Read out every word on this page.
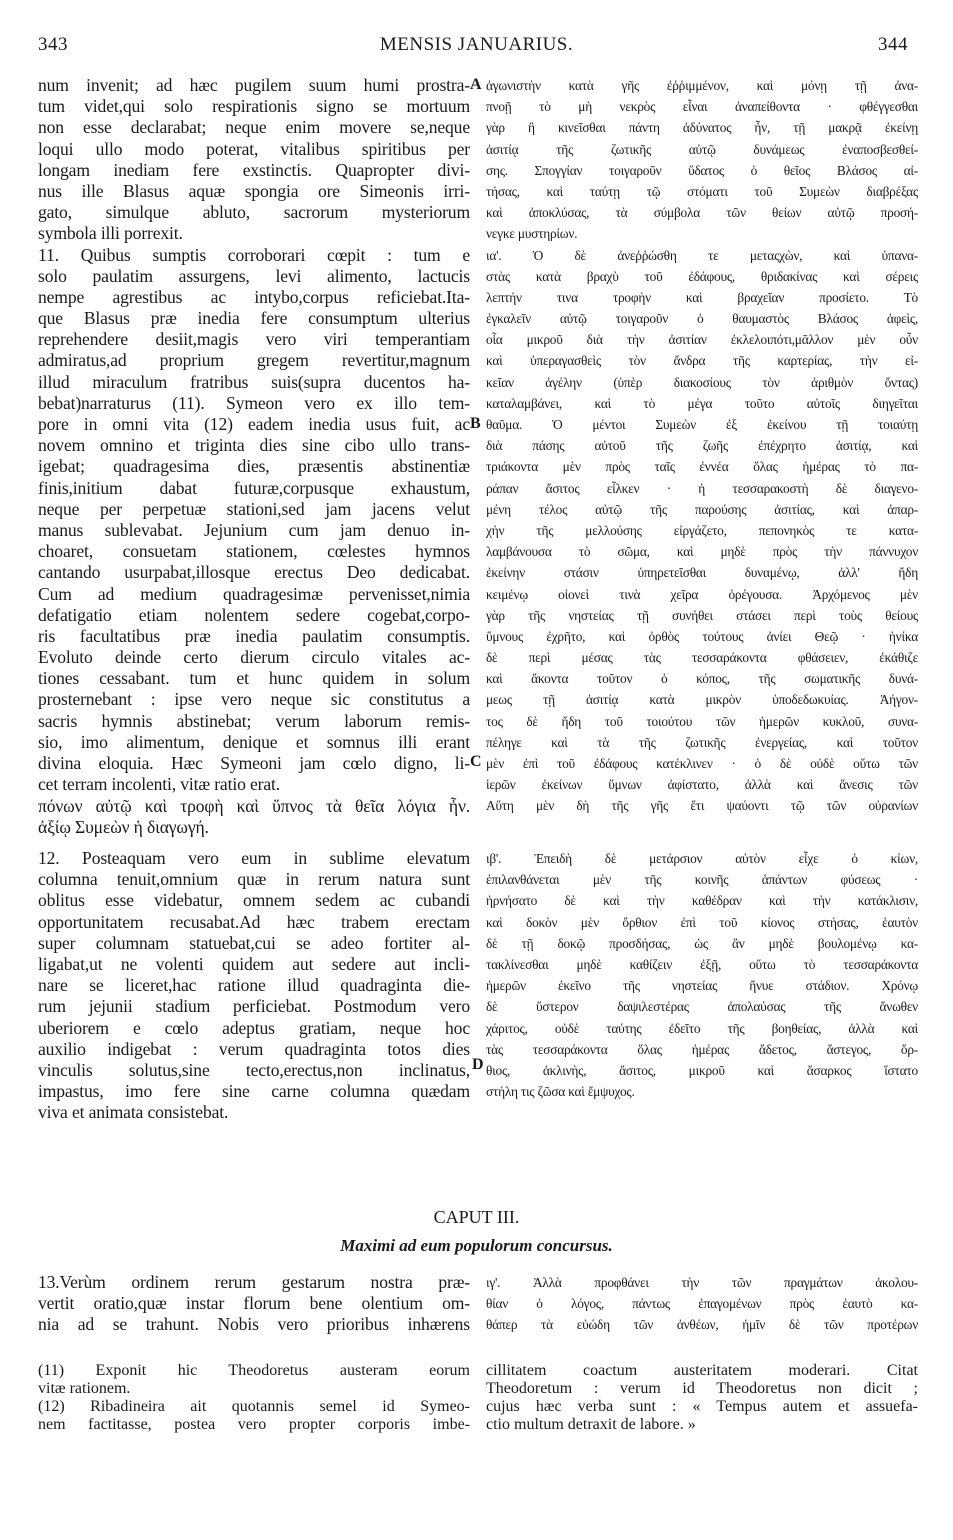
343	MENSIS JANUARIUS.	344
num invenit; ad hæc pugilem suum humi prostra-
tum videt,qui solo respirationis signo se mortuum
non esse declarabat; neque enim movere se,neque
loqui ullo modo poterat, vitalibus spiritibus per
longam inediam fere exstinctis. Quapropter divi-
nus ille Blasus aquæ spongia ore Simeonis irri-
gato, simulque abluto, sacrorum mysteriorum
symbola illi porrexit.
11. Quibus sumptis corroborari cœpit : tum e
solo paulatim assurgens, levi alimento, lactucis
nempe agrestibus ac intybo,corpus reficiebat.Ita-
que Blasus præ inedia fere consumptum ulterius
reprehendere desiit,magis vero viri temperantiam
admiratus,ad proprium gregem revertitur,magnum
illud miraculum fratribus suis(supra ducentos ha-
bebat)narraturus (11). Symeon vero ex illo tem-
pore in omni vita (12) eadem inedia usus fuit, ac
novem omnino et triginta dies sine cibo ullo trans-
igebat; quadragesima dies, præsentis abstinentiæ
finis,initium dabat futuræ,corpusque exhaustum,
neque per perpetuæ stationi,sed jam jacens velut
manus sublevabat. Jejunium cum jam denuo in-
choaret, consuetam stationem, cœlestes hymnos
cantando usurpabat,illosque erectus Deo dedicabat.
Cum ad medium quadragesimæ pervenisset,nimia
defatigatio etiam nolentem sedere cogebat,corpo-
ris facultatibus præ inedia paulatim consumptis.
Evoluto deinde certo dierum circulo vitales ac-
tiones cessabant. tum et hunc quidem in solum
prosternebant : ipse vero neque sic constitutus a
sacris hymnis abstinebat; verum laborum remis-
sio, imo alimentum, denique et somnus illi erant
divina eloquia. Hæc Symeoni jam cœlo digno, li-
cet terram incolenti, vitæ ratio erat.
πόνων αὐτῷ καὶ τροφὴ καὶ ὕπνος τὰ θεῖα λόγια ἦν.
ἀξίῳ Συμεὼν ἡ διαγωγή.
ἀγωνιστὴν κατὰ γῆς ἐῤῥιμμένον, καὶ μόνῃ τῇ ἀνα-
πνοῇ τὸ μὴ νεκρὸς εἶναι ἀναπείθοντα · φθέγγεσθαι
γὰρ ἢ κινεῖσθαι πάντη ἀδύνατος ἦν, τῇ μακρᾷ ἐκείνῃ
ἀσιτίᾳ τῆς ζωτικῆς αὐτῷ δυνάμεως ἐναποσβεσθεί-
σης. Σπογγίαν τοιγαροῦν ὕδατος ὁ θεῖος Βλάσος αἰ-
τήσας, καὶ ταύτῃ τῷ στόματι τοῦ Συμεὼν διαβρέξας
καὶ ἀποκλύσας, τὰ σύμβολα τῶν θείων αὐτῷ προσή-
νεγκε μυστηρίων.
ια'. Ὁ δὲ ἀνεῤῥώσθη τε μεταςχὼν, καὶ ὑπανα-
στὰς κατὰ βραχὺ τοῦ ἐδάφους, θριδακίνας καὶ σέρεις
λεπτήν τινα τροφὴν καὶ βραχεῖαν προσίετο. Τὸ
ἐγκαλεῖν αὐτῷ τοιγαροῦν ὁ θαυμαστὸς Βλάσος ἀφεὶς,
οἷα μικροῦ διὰ τὴν ἀσιτίαν ἐκλελοιπότι,μᾶλλον μὲν οὖν
καὶ ὑπεραγασθεὶς τὸν ἄνδρα τῆς καρτερίας, τὴν εἰ-
κεῖαν ἀγέλην (ὑπὲρ διακοσίους τὸν ἀριθμὸν ὄντας)
καταλαμβάνει, καὶ τὸ μέγα τοῦτο αὐτοῖς διηγεῖται
θαῦμα. Ὁ μέντοι Συμεὼν ἐξ ἐκείνου τῇ τοιαύτῃ
διὰ πάσης αὐτοῦ τῆς ζωῆς ἐπέχρητο ἀσιτίᾳ, καὶ
τριάκοντα μὲν πρὸς ταῖς ἐννέα ὅλας ἡμέρας τὸ πα-
ράπαν ἄσιτος εἶλκεν · ἡ τεσσαρακοστὴ δὲ διαγενο-
μένη τέλος αὐτῷ τῆς παρούσης ἀσιτίας, καὶ ἀπαρ-
χὴν τῆς μελλούσης εἰργάζετο, πεπονηκὸς τε κατα-
λαμβάνουσα τὸ σῶμα, καὶ μηδὲ πρὸς τὴν πάννυχον
ἐκείνην στάσιν ὑπηρετεῖσθαι δυναμένῳ, ἀλλ' ἤδη
κειμένῳ οἱονεὶ τινὰ χεῖρα ὀρέγουσα. Ἀρχόμενος μὲν
γὰρ τῆς νηστείας τῇ συνήθει στάσει περὶ τοὺς θείους
ὕμνους ἐχρῆτο, καὶ ὀρθὸς τούτους ἀνίει Θεῷ · ἡνίκα
δὲ περὶ μέσας τὰς τεσσαράκοντα φθάσειεν, ἐκάθιζε
καὶ ἄκοντα τοῦτον ὁ κόπος, τῆς σωματικῆς δυνά-
μεως τῇ ἀσιτίᾳ κατὰ μικρὸν ὑποδεδωκυίας. Ἀήγον-
τος δὲ ἤδη τοῦ τοιούτου τῶν ἡμερῶν κυκλοῦ, συνα-
πέληγε καὶ τὰ τῆς ζωτικῆς ἐνεργείας, καὶ τοῦτον
μὲν ἐπὶ τοῦ ἐδάφους κατέκλινεν · ὁ δὲ οὐδὲ οὕτω τῶν
ἱερῶν ἐκείνων ὕμνων ἀφίστατο, ἀλλὰ καὶ ἄνεσις τῶν
Αὕτη μὲν δὴ τῆς γῆς ἔτι ψαύοντι τῷ τῶν οὐρανίων
12. Posteaquam vero eum in sublime elevatum
columna tenuit,omnium quæ in rerum natura sunt
oblitus esse videbatur, omnem sedem ac cubandi
opportunitatem recusabat.Ad hæc trabem erectam
super columnam statuebat,cui se adeo fortiter al-
ligabat,ut ne volenti quidem aut sedere aut incli-
nare se liceret,hac ratione illud quadraginta die-
rum jejunii stadium perficiebat. Postmodum vero
uberiorem e cœlo adeptus gratiam, neque hoc
auxilio indigebat : verum quadraginta totos dies
vinculis solutus,sine tecto,erectus,non inclinatus,
impastus, imo fere sine carne columna quædam
viva et animata consistebat.
ιβ'. Ἐπειδὴ δὲ μετάρσιον αὐτὸν εἶχε ὁ κίων,
ἐπιλανθάνεται μὲν τῆς κοινῆς ἁπάντων φύσεως ·
ἠρνήσατο δὲ καὶ τὴν καθέδραν καὶ τὴν κατάκλισιν,
καὶ δοκὸν μὲν ὄρθιον ἐπὶ τοῦ κίονος στήσας, ἑαυτὸν
δὲ τῇ δοκῷ προσδήσας, ὡς ἂν μηδὲ βουλομένῳ κα-
τακλίνεσθαι μηδὲ καθίζειν ἐξῇ, οὕτω τὸ τεσσαράκοντα
ἡμερῶν ἐκεῖνο τῆς νηστείας ἤνυε στάδιον. Χρόνῳ
δὲ ὕστερον δαψιλεστέρας ἀπολαύσας τῆς ἄνωθεν
χάριτος, οὐδὲ ταύτης ἐδεῖτο τῆς βοηθείας, ἀλλὰ καὶ
τὰς τεσσαράκοντα ὅλας ἡμέρας ἄδετος, ἄστεγος, ὄρ-
θιος, ἀκλινὴς, ἄσιτος, μικροῦ καὶ ἄσαρκος ἵστατο
στήλη τις ζῶσα καὶ ἔμψυχος.
A
B
C
D
CAPUT III.
Maximi ad eum populorum concursus.
13.Verùm ordinem rerum gestarum nostra præ-
vertit oratio,quæ instar florum bene olentium om-
nia ad se trahunt. Nobis vero prioribus inhærens
ιγ'. Ἀλλὰ προφθάνει τὴν τῶν πραγμάτων ἀκολου-
θίαν ὁ λόγος, πάντως ἐπαγομένων πρὸς ἑαυτὸ κα-
θάπερ τὰ εὐώδη τῶν ἀνθέων, ἡμῖν δὲ τῶν προτέρων
(11) Exponit hic Theodoretus austeram eorum
vitæ rationem.
(12) Ribadineira ait quotannis semel id Symeo-
nem factitasse, postea vero propter corporis imbe-
cillitatem coactum austeritatem moderari. Citat
Theodoretum : verum id Theodoretus non dicit ;
cujus hæc verba sunt : « Tempus autem et assuefa-
ctio multum detraxit de labore. »
